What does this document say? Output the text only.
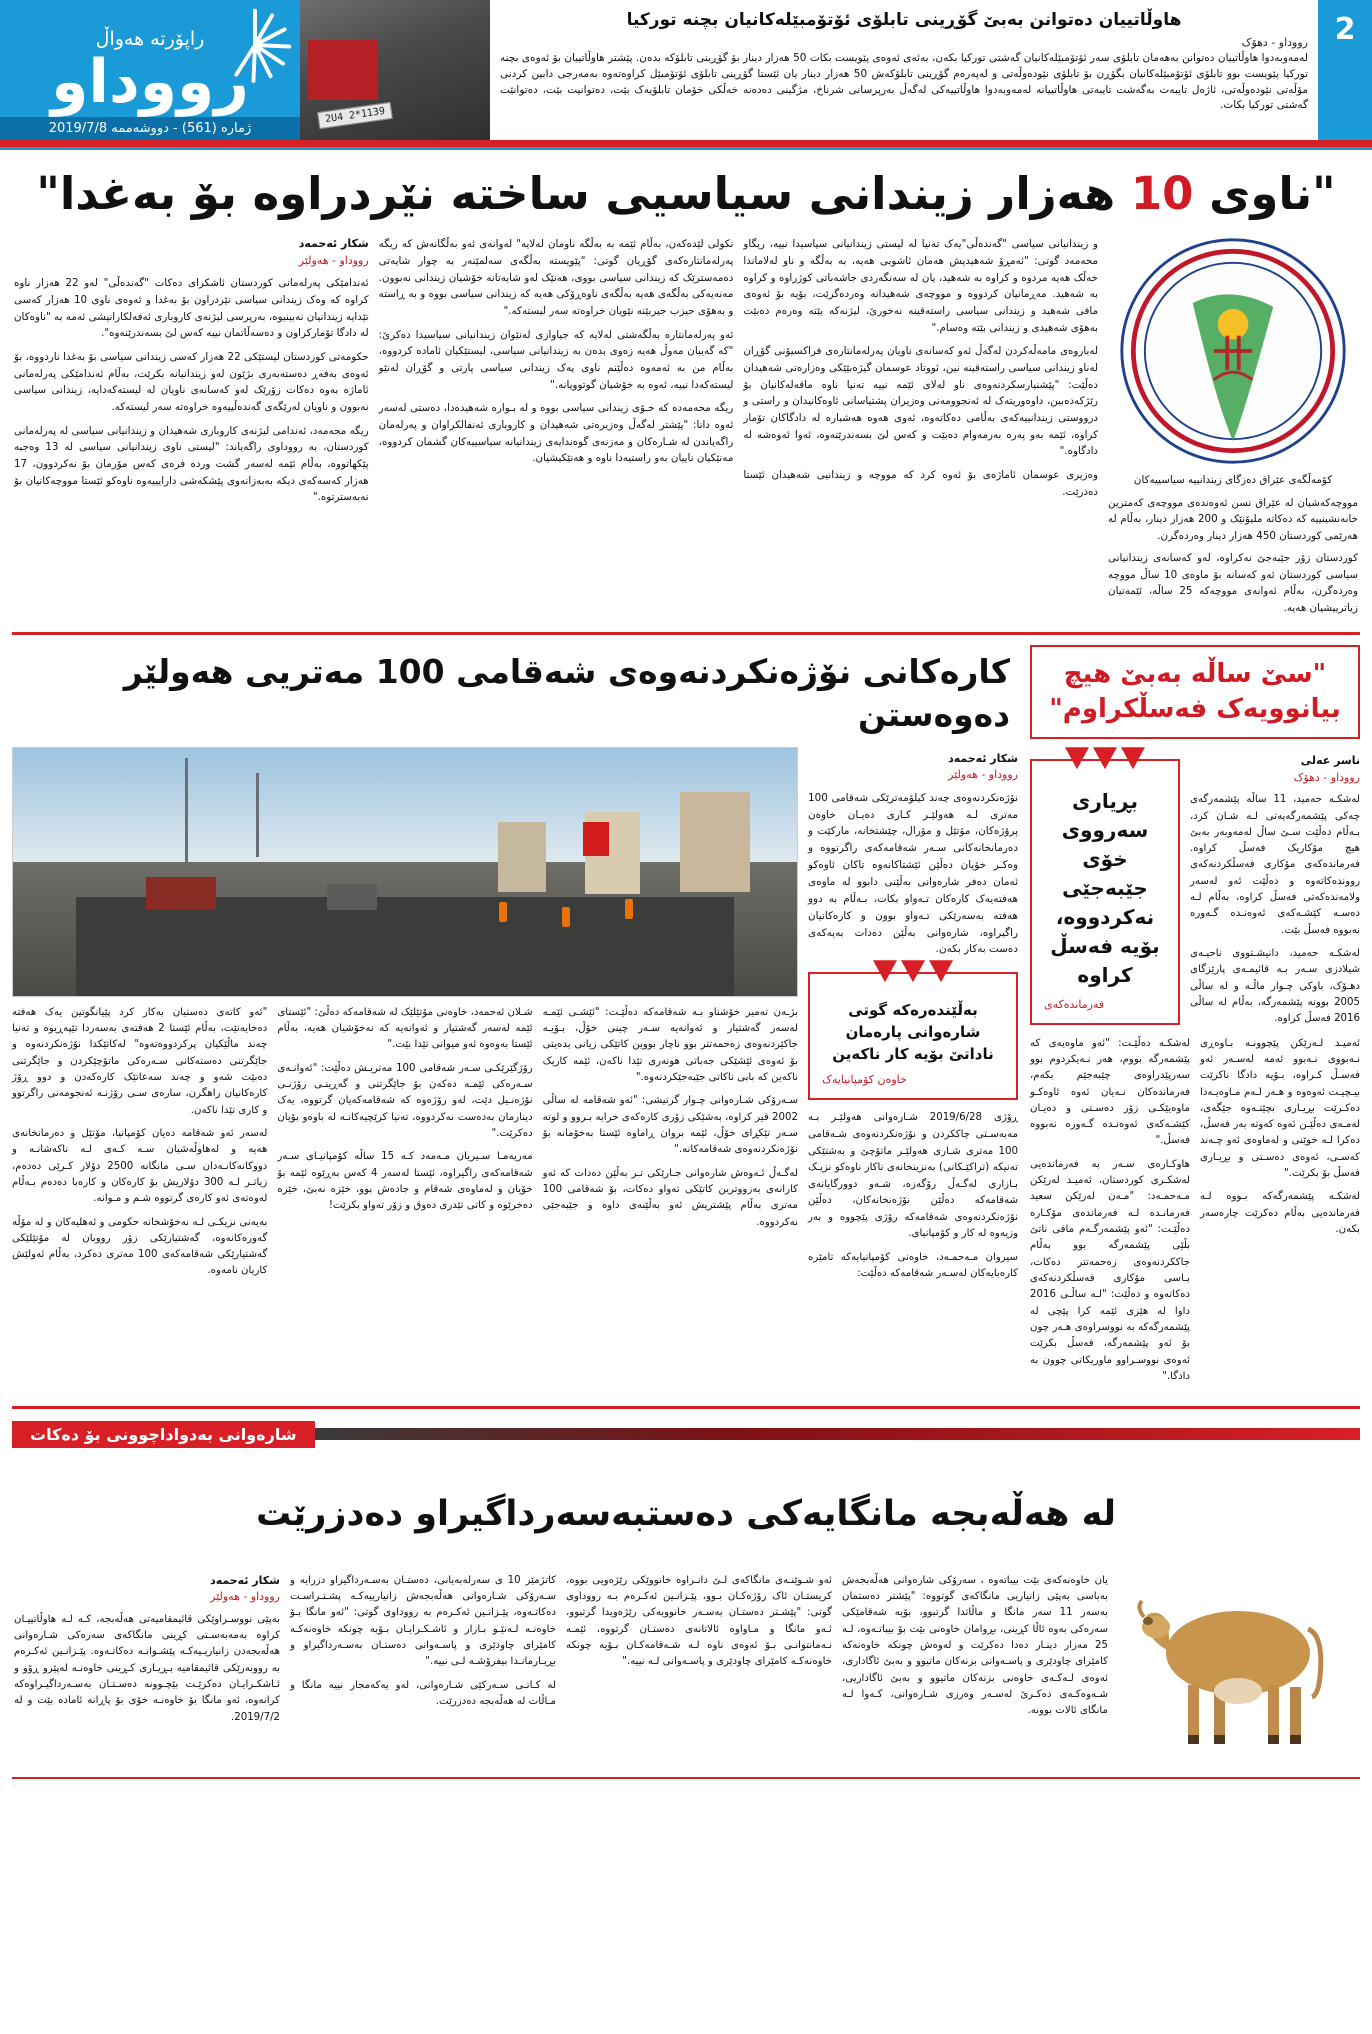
راپۆرتە هەواڵ
رووداو
ژمارە (561) - دووشەممە 2019/7/8
1139*2 2U4
هاوڵاتییان دەتوانن بەبێ گۆڕینی تابلۆی ئۆتۆمبێلەکانیان بچنە تورکیا
رووداو - دهۆک

لەمەوبەدوا هاوڵاتییان دەتوانن بەهەمان تابلۆی سەر ئۆتۆمبێلەکانیان گەشتی تورکیا بکەن، بەئەی ئەوەی پێویست بکات 50 هەزار دینار بۆ گۆڕینی تابلۆکە بدەن. پێشتر هاوڵاتییان بۆ ئەوەی بچنە تورکیا پێویست بوو تابلۆی ئۆتۆمبێلەکانیان بگۆڕن بۆ تابلۆی نێودەوڵەتی و لەپەرەم گۆڕینی تابلۆکەش 50 هەزار دینار یان ئێستا گۆڕینی تابلۆی ئۆتۆمبێل کراوەتەوە بەمەرجی دابین کردنی مۆڵەتی نێودەوڵەتی، ئاژەل تایبەت بەگەشت تایبەتی هاوڵاتییانە لەمەوبەدوا هاوڵاتییەکی لەگەڵ بەرپرسانی شرناخ، مژگینی دەدەنە خەڵکی خۆمان تابلۆیەک بێت، دەتوانیت بێت، دەتوانێت گەشتی تورکیا بکات.

2
"ناوی 10 هەزار زیندانی سیاسیی ساختە نێردراوە بۆ بەغدا"
شكار ئەحمەد
رووداو - هەولێر

ئەندامێکی پەرلەمانی کوردستان ئاشکرای دەکات "گەندەڵی" لەو 22 هەزار ناوە کراوە کە وەک زیندانی سیاسی نێردراون بۆ بەغدا و ئەوەی ناوی 10 هەزار کەسی تێدایە زیندانیان نەبینیوە، بەرپرسی لیژنەی کاروباری ئەفەلکارانیشی ئەمە بە "ناوەکان لە دادگا تۆمارکراون و دەسەڵاتمان نییە کەس لێ بسەندرێنەوە".

حکومەتی کوردستان لیستێکی 22 هەزار کەسی زیندانی سیاسی بۆ بەغدا ناردووە، بۆ ئەوەی بەفەڕ دەستەبەری بژێون لەو زیندانیانە بکرێت، بەڵام ئەندامێکی پەرلەمانی ئاماژە بەوە دەکات زۆرێک لەو کەسانەی ناویان لە لیستەکەدایە، زیندانی سیاسی نەبوون و ناویان لەرێگەی گەندەڵییەوە خراوەتە سەر لیستەکە.

ریگە محەمەد، ئەندامی لیژنەی کاروباری شەهیدان و زیندانیانی سیاسی لە پەرلەمانی کوردستان، بە رووداوی راگەیاند: "لیستی ناوی زیندانیانی سیاسی لە 13 وەجبە پێکهاتووە، بەڵام ئێمە لەسەر گشت وردە فرەی کەس مۆرمان بۆ نەکردوون، 17 هەزار کەسەکەی دیکە بەبەزانەوی پێشکەشی دارایییەوە ناوەکو ئێستا مووچەکانیان بۆ نەبەسترتوە."

نکولی لێدەکەن، بەڵام ئێمە بە بەڵگە ناومان لەلایە" لەوانەی ئەو بەڵگانەش کە ریگە پەرلەمانتارەکەی گۆڕیان گوتی: "پێویستە بەڵگەی سەلمێنەر بە چوار شایەتی دەمەسترێک کە زیندانی سیاسی بووی، هەنێک لەو شایەتانە خۆشیان زیندانی نەبوون. مەنەیەکی بەڵگەی هەیە بەڵگەی ناوەڕۆکی هەیە کە زیندانی سیاسی بووە و بە ڕاستە و بەهۆی حیزب جیربێنە نێویان خراوەتە سەر لیستەکە."

ئەو پەرلەمانتارە بەڵگەشتی لەلایە کە جیاوازی لەنێوان زیندانیانی سیاسیدا دەکرێ: "کە گەیبان مەوڵ هەیە زەوی بدەن بە زیندانیانی سیاسی، لیستێکیان ئامادە کردووە، بەڵام من بە ئەمەوە دەڵێنم ناوی یەک زیندانی سیاسی پارتی و گۆڕان لەنێو لیستەکەدا نییە، ئەوە بە خۆشیان گوتوویانە."

ریگە محەمەدە کە خـۆی زیندانی سیاسی بووە و لە بـوارە شەهیدەدا، دەستی لەسەر ئەوە دانا: "پێشتر لەگەڵ وەزیرەتی شەهیدان و کاروباری ئەنفالکراوان و پەرلەمان راگەیاندن لە شـارەکان و مەزنەی گوەندایەی زیندانیانە سیاسییەکان گشمان کردووە، مەنێکیان ناییان بەو راستیەدا ناوە و هەنێکیشیان.

و زیندانیانی سیاسی "گەندەڵی"یەک تەنیا لە لیستی زیندانیانی سیاسیدا نییە، ریگاو محەمەد گوتی: "ئەمڕۆ شەهیدیش هەمان ئاشوبی هەیە، بە بەڵگە و ناو لەلاماندا خەڵک هەیە مردوە و کراوە بە شەهید، یان لە سەنگەردی جاشەباتی کوژراوە و کراوە بە شەهید. مەڕمانیان کردووە و مووچەی شەهیدانە وەردەگرێت، بۆیە بۆ ئەوەی مافی شەهید و زیندانی سیاسی راستەقینە نەخورێ، لیژنەکە بێتە وەرەم دەبێت بەهۆی شەهیدی و زیندانی بێتە وەسام."

لەباروەی مامەڵەکردن لەگەڵ ئەو کەسانەی ناویان پەرلەمانتارەی فراکسیۆنی گۆڕان لەناو زیندانی سیاسی راستەقینە نین، ئووتاد عوسمان گیژەبێێکی وەزارەتی شەهیدان دەڵێت: "پێشنیارسکردنەوەی ناو لەلای ئێمە نییە تەنیا ناوە ماقەلەکانیان بۆ رێژکەدەبین، داوەوریتەک لە ئەنجوومەنی وەزیران پشتیاسانی ئاوەکانیدان و راستی و درووستی زیندانییەکەی بەڵامی دەکاتەوە، ئەوی هەوە هەشبارە لە دادگاکان تۆمار کراوە، ئێمە بەو پەرە بەرمەوام دەبێت و کەس لێ بسەندرێتەوە، ئەوا ئەوەشە لە دادگاوە."

وەزیری عوسمان ئاماژەی بۆ ئەوە کرد کە مووچە و زیندانیی شەهیدان ئێستا دەدرێت.

کۆمەڵگەی عێراق دەزگای زیندانییە سیاسییەکان
مووچەکەشیان لە عێراق نسن ئەوەندەی مووچەی کەمترین خانەنشینییە کە دەکاتە ملیۆنێک و 200 هەزار دینار، بەڵام لە هەرێمی کوردستان 450 هەزار دینار وەردەگرن.
کوردستان زۆر جێبەجێ نەکراوە، لەو کەسانەی زیندانیانی سیاسی کوردستان ئەو کەسانە بۆ ماوەی 10 ساڵ مووچە وەردەگرن، بەڵام ئەوانەی مووچەکە 25 ساڵە، ئێمەتیان زیاترییشیان هەیە.
کارەکانی نۆژەنکردنەوەی شەقامی 100 مەتریی هەولێر دەوەستن

"ئەو کاتەی دەستیان بەکار کرد پێیانگوتین یەک هەفتە دەخایەنێت، بەڵام ئێستا 2 هەفتەی بەسەردا تێپەڕیوە و تەنیا چەند ماڵێکیان پرکردووەتەوە" لەکاتێکدا نۆژەنکردنەوە و جاێگرتنی دەستەکانی سـەرەکی ماتۆچێکردن و جاێگرتنی دەبێت شەو و چەند سەعاتێک کارەکەدن و دوو ڕۆژ کارەکانیان راھگرن، سارەی سـی رۆژنـە ئەنجومەنی راگرتوو و کاری تێدا ناکەن.

لەسەر ئەو شەقامە دەیان کۆمپانیا، مۆتێل و دەرمانخانەی هەیە و لەهاوڵەشیان سـە کـەی لـە ناکەشانـە و دووکانەکانـەدان سـی مانگانە 2500 دۆلار کـرێی دەدەم، زیاتـر لـە 300 دۆلاریش بۆ کارەکان و کارەبا دەدەم بـەڵام لەوەتەی ئەو کارەی گرتووە شـم و مـوانە.

بەیەنی نزیکـی لـە نەخۆشخانە حکومی و ئەهلیەکان و لە مۆڵە گەورەکانەوە، گەشتیارێکی زۆر رووبان لە مۆتێلێکی گەشتیارێکی شەقامەکەی 100 مەتری دەکرد، بەڵام ئەولێش کاریان نامەوە.

شـلان ئەحمەد، خاوەنی مۆتێلێک لە شەقامەکە دەڵێ: "ئێستای ئێمە لەسەر گەشتیار و ئەوانەیە کە نەخۆشیان هەیە، بەڵام ئێستا بەوەوە ئەو میوانی تێدا بێت."

رۆژگێرێکـی سـەر شەقامی 100 مەتریـش دەڵێت: "ئەوانـەی سـەرەکی ئێمـە دەکەن بۆ جاێگرتنی و گەڕینـی رۆژنـی نۆژەنـیل دێت، لەو رۆژەوە کە شەقامەکەیان گرتووە، یەک دینارمان بەدەست نەکردووە، تەنیا کرێچیەکانـە لە باوەو بۆیان دەکرێت."

مەریەمـا سـیریان مـەمەد کـە 15 ساڵە کۆمپانیـای سـەر شەقامەکەی راگیراوە، ئێستا لەسەر 4 کەس بەڕێوە ئێمە بۆ خۆیان و لەماوەی شەقام و جادەش بوو، خێزە نەبێ، خێزە دەخرێوە و کاتی تێدری دەوق و زۆر تەواو بکرێت!

بژـەن تەمیر خۆشناو بـە شەقامەکە دەڵێـت: "ئێشـی ئێمـە لەسەر گەشتیار و ئەوانەیە سـەر چینی خۆڵ، بـۆیـە جاکێردنەوەی زەحمەتتر بوو ناچار بووین کاتێکی زیانی بدەیتی بۆ ئەوەی ئێشێکی جەباتی هونەری تێدا ناکەن، ئێمە کاریک ناکەین کە بابی ناکاتی جێبەجێکردنەوە."

سـەرۆکی شـارەوانی چـوار گرتیشی: "ئەو شەقامە لە ساڵی 2002 قیر کراوە، بەشێکی زۆری کارەکەی خرایە بـروو و لوتە سـەر تێکڕای خۆڵ، ئێمە بروان ڕاماوە ئێستا بەخۆمانە بۆ نۆژەنکردنەوەی شەقامەکانە."

لەگـەڵ ئـەوەش شارەوانی جـارێکی تـر بەڵێن دەدات کە ئەو کارانەی بەزووترین کاتێکی تەواو دەکات، بۆ شەقامی 100 مەتری بەڵام پێشتریش ئەو بەڵێنەی داوە و جێبەجێی نەکردووە.

شكار ئەحمەد
رووداو - هەولێر
نۆژەنکردنەوەی چەند کیلۆمەترێکی شەقامی 100 مەتری لـە هەولێـر کـاری دەیـان خاوەن پرۆژەکان، مۆتێل و مۆرال، چێشتخانە، مارکێت و دەرمانخانەکانی سـەر شەقامەکەی راگرتووە و وەکـر خۆیان دەڵێن ئێشتاکانەوە تاکان ئاوەکو ئەمان دەفر شارەوانی بەڵێنی دابوو لە ماوەی هەفتەیەک کارەکان تـەواو بکات، بـەڵام بە دوو هەفتە بەسەرێکی تـەواو بوون و کارەکانیان راگیراوە، شارەوانی بەڵێن دەدات بەیەکەی دەست بەکار بکەن.
بەڵێندەرەکە گوتی شارەوانی پارەمان ناداتێ بۆیە کار ناکەین
خاوەن کۆمپانیایەک

ڕۆژی 2019/6/28 شـارەوانی هەولێـر بـە مەبەسـتی چاککردن و نۆژەنکردنەوەی شـەقامی 100 مەتری شـاری هەولێـر ماتۆچێ و بەشتێکی تەنیکە (تراکێـکانی) بەنزینخانەی ناکار ناوەکو نزیـک بـازاری لەگـەڵ رۆگەزە، شـەو دوورگایانەی شەقامەکە دەڵێن نۆژەنخانەکان، دەڵێن نۆژەنکردنەوەی شەقامەکە رۆژی پێچووە و بەر وزیەوە لە کار و کۆمپانیای.

سیروان مـەحمـەد، خاوەنی کۆمپانیایەکە تامێرە کارەبایەکان لەسـەر شەقامەکە دەڵێت:

"سێ ساڵە بەبێ هیچ بیانوویەک فەسڵکراوم"
بڕیاری سەرووی خۆی جێبەجێی نەکردووە، بۆیە فەسڵ کراوە
فەرماندەکەی
ناسر عەلی
رووداو - دهۆک
لەشکـە حەمید، 11 ساڵە پێشمەرگەی چەکی پێشمەرگەیەتی لـە شـان کرد، بـەڵام دەڵێت سـێ ساڵ لەمەوبەر بەبێ هیچ مۆکاریک فەسڵ کراوە. فەرماندەکەی مۆکاری فەسڵکردنەکەی رووندەکاتەوە و دەڵێت ئەو لەسەر ولامەندەکەتی فەسڵ کراوە، بەڵام لـە دەسـە کێشـەکەی ئەوەنـدە گـەورە نەبووە فەسڵ بێت.
لەشکـە حەمید، دانیشـتووی ناحیـەی شیلادزی سـەر بـە قائیمـەی پارێزگای دهـۆک، باوکی چـوار ماڵـە و لە ساڵی 2005 بوونە پێشمەرگە، بەڵام لە ساڵی 2016 فەسڵ کراوە.

لەشکـە دەڵێـت: "ئەو ماوەیەی کە پێشمەرگە بووم، هەر نـەیکردوم بوو سەرپێدراوەی چێبەجێم بکەم، فەرماندەکان نـەیان ئەوە ئاوەکـو ماوەیێکـی زۆر دەسـتی و دەیـان کێشـەکەی ئەوەنـدە گـەورە نەبووە فەسڵ."

هاوکـارەی سـەر بە فەرماندەیی لەشکـری کوردستان، ئەمیـد لەرێکن مـەحمـەد: "مـەن لەرێکن سعید فەرمانـدە لـە فەرماندەی مۆکـارە دەڵێـت: "ئەو پێشمەرگـەم مافی ناتێ بڵێی پێشمەرگە بوو بەڵام جاککردنەوەی زەحمەتتر دەکات، بـاسی مۆکاری فەسڵکردنەکەی دەکاتەوە و دەڵێت: "لـە ساڵـی 2016 داوا لە هێزی ئێمە کرا پێچی لە پێشمەرگەکە بە نووسراوەی هـەر چون بۆ ئەو پێشمەرگە، فەسڵ بکرێت ئەوەی نووسـراوو ماوریکاتی چوون بە دادگا."

ئەمیـد لـەرێکن پێچوونـە بـاوەڕی نـەبووی نـەبوو ئەمە لەسـەر ئەو فەسـڵ کـراوە، بـۆیە دادگا ناکرێت بیـچیـت ئەوەوە و هـەر لـەم مـاوەیـەدا دەکـرێت بڕیـاری بچێتـەوە جێگەی، لەمـەی دەڵێـن ئەوە کەوتە بەر فەسڵ، دەکرا لـە خوێنی و لەماوەی ئەو چـەند کەسـی، ئەوەی دەسـتی و بڕیـاری فەسڵ بۆ بکرێت."

لەشکـە پێشمەرگەکە بـووە لـە فەرماندەیی بەڵام دەکرێت چارەسەر بکەن.

شارەوانی بەدواداچوونی بۆ دەکات
لە هەڵەبجە مانگایەکی دەستبەسەرداگیراو دەدزرێت
شكار ئەحمەد
رووداو - هەولێر

بەپێی نووسـراوێکی قائیمقامیەتی هەڵەبجە، کـە لـە هاوڵاتییـان کراوە بەمەبەسـتی کڕینی مانگاکەی سەرەکی شـارەوانی هەڵەبجەدن زانیاریـیەکـە پێشـوانـە دەکاتـەوە. پێـزانـین ئەکـرەم بە رووبەرێکی قائیمقامیە بـڕیـاری کـڕینی خاوەنـە لەپێرو ڕۆو و ئـاشکـرایـان دەکرێـت بێچـوونە دەسـتـان بەسـەرداگیـراوەکە کرانەوە، ئەو مانگا بۆ خاوەنـە خۆی بۆ پاڕانە ئامادە بێت و لە 2019/7/2.

کاتژمێر 10 ی سەرلەبەیانی، دەستـان بەسـەرداگیراو دزرایە و سـەرۆکی شـارەوانی هەڵەبجەش زانیارییەکـە پشـتـراسـت دەکاتـەوە، پێـزانـین ئەکـرەم بە رووداوی گوتی: "ئەو مانگا بـۆ خاوەنـە لـەنێـو بـازار و ئاشـکـرایـان بـۆیە چونکە خاوەنەکـە کامێرای چاودێری و پاسـەوانی دەستـان بەسـەرداگیراو و بڕیـارمانـدا بیفرۆشـە لـی نییە."

لە کـاتـی سـەرکێی شـارەوانی، لەو یەکەمجار نییە مانگا و مـاڵات لە هەڵەبجە دەدزرێت.

ئەو شـوێنـەی مانگاکەی لـێ دانـراوە خانووێکی رێژەویی بووە، کریستـان ئاک رۆژەکـان بـوو، پێـزانـین ئەکـرەم بـە رووداوی گوتی: "پێشـتر دەستـان بەسـەر خانوویەکی رێژەویدا گرتبوو، ئـەو مانگا و مـاواوە ئالاتانەی دەستـان گرتووە، ئێمـە نـەمانتوانـی بـۆ ئەوەی ناوە لـە شـەقامەکـان بـۆیە چونکە خاوەنەکـە کامێرای چاودێری و پاسـەوانی لـە نییە."

یان خاوەنەکەی بێت بیباتەوە ، سەرۆکی شارەوانی هەڵەبجەش بەباسی بەپێی زانیاریی مانگاکەی گوتووە: "پێشتر دەستمان بەسەر 11 سەر مانگا و ماڵاتدا گرتبوو، بۆیە شەقامێکی سەرەکی بەوە ئاڵا کڕینی، بڕوامان خاوەنی بێت بۆ بیباتـەوە، لـە 25 مەزار دینـار دەدا دەکرێت و لەوەش چونکە خاوەنەکە کامێرای چاودێری و پاسـەوانی بزنەکان ماتیوو و بەبێ ئاگاداری، ئەوەی لـەکـەی خاوەنی بزنەکان ماتیوو و بەبێ ئاگاداریی، شـەوەکـەی دەکـرێ لەسـەر وەرزی شـارەوانی، کـەوا لـە مانگای ئالات بوونە.
